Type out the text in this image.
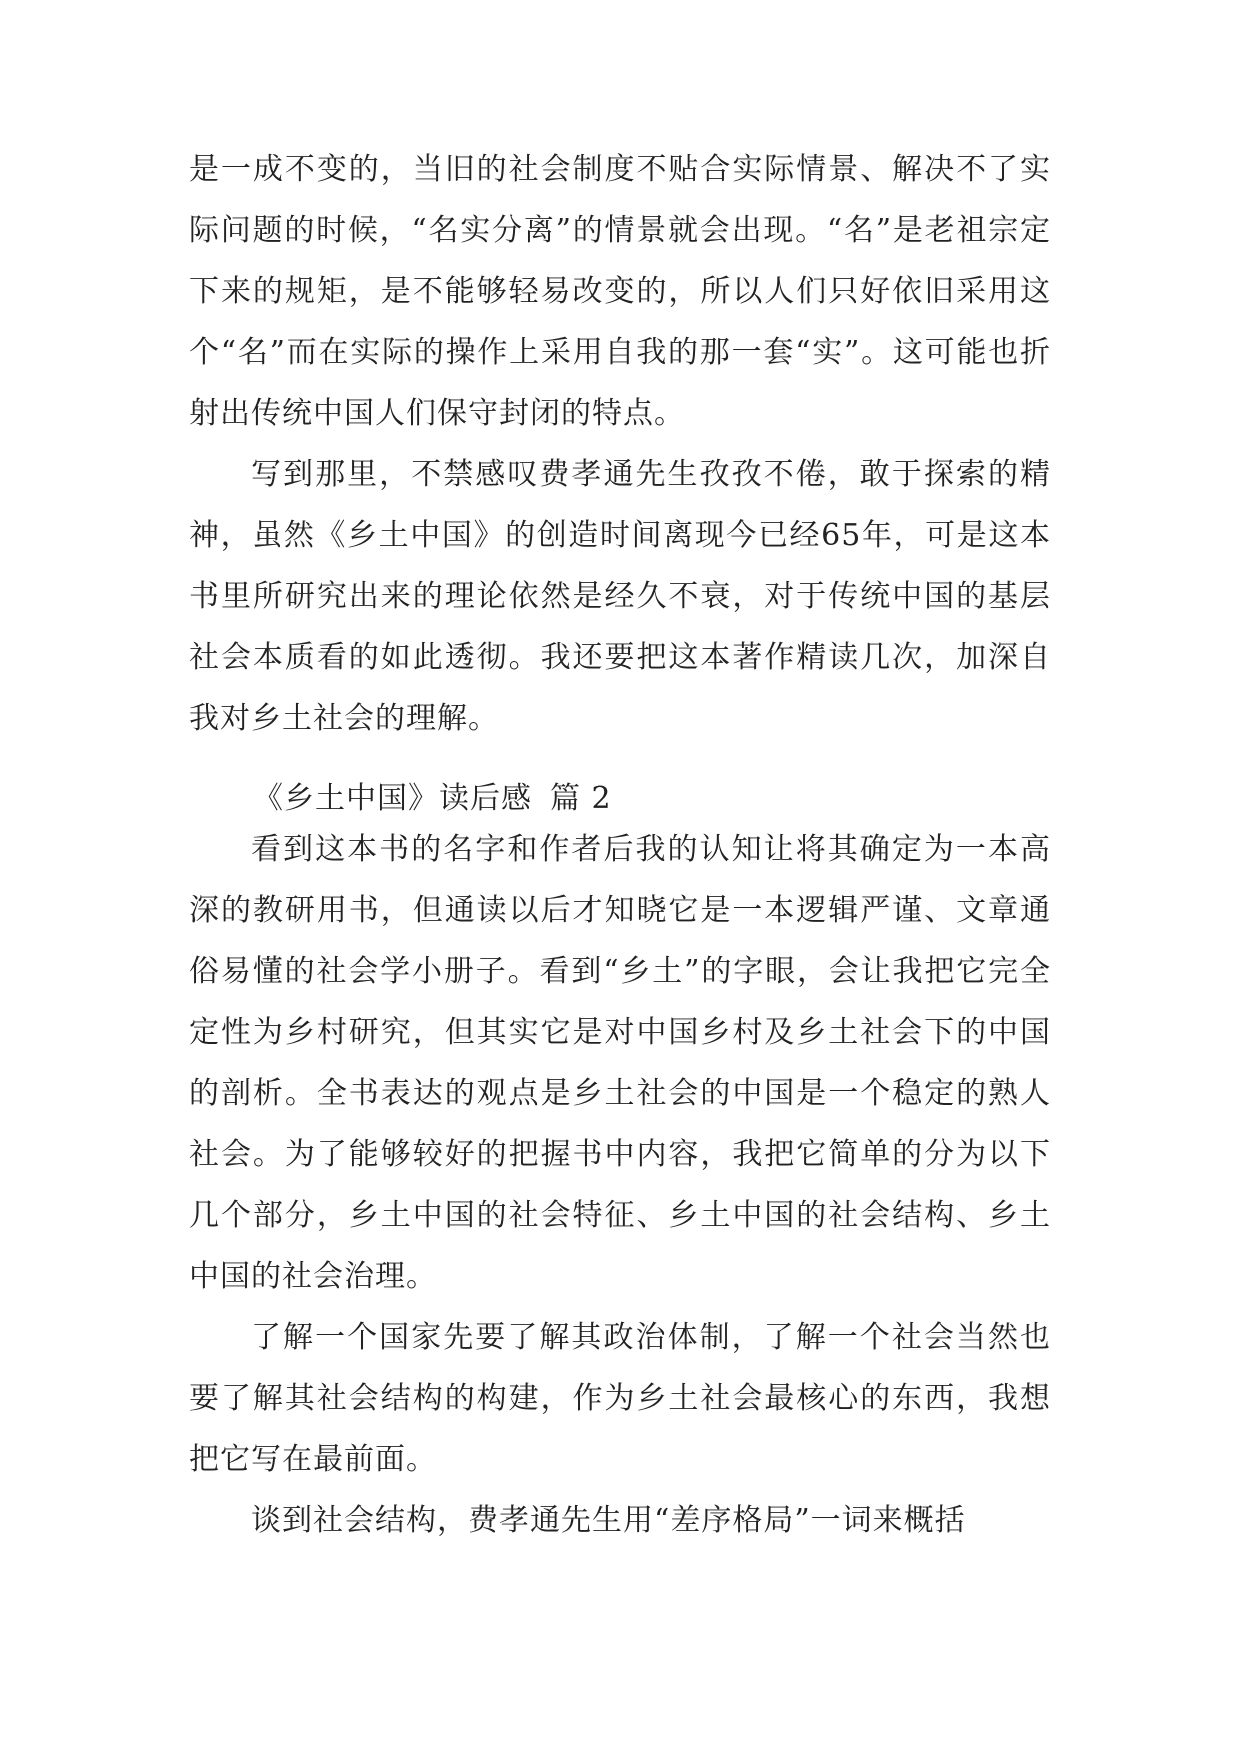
是一成不变的，当旧的社会制度不贴合实际情景、解决不了实际问题的时候，“名实分离”的情景就会出现。“名”是老祖宗定下来的规矩，是不能够轻易改变的，所以人们只好依旧采用这个“名”而在实际的操作上采用自我的那一套“实”。这可能也折射出传统中国人们保守封闭的特点。

写到那里，不禁感叹费孝通先生孜孜不倦，敢于探索的精神，虽然《乡土中国》的创造时间离现今已经65年，可是这本书里所研究出来的理论依然是经久不衰，对于传统中国的基层社会本质看的如此透彻。我还要把这本著作精读几次，加深自我对乡土社会的理解。

《乡土中国》读后感 篇 2

看到这本书的名字和作者后我的认知让将其确定为一本高深的教研用书，但通读以后才知晓它是一本逻辑严谨、文章通俗易懂的社会学小册子。看到“乡土”的字眼，会让我把它完全定性为乡村研究，但其实它是对中国乡村及乡土社会下的中国的剖析。全书表达的观点是乡土社会的中国是一个稳定的熟人社会。为了能够较好的把握书中内容，我把它简单的分为以下几个部分，乡土中国的社会特征、乡土中国的社会结构、乡土中国的社会治理。

了解一个国家先要了解其政治体制，了解一个社会当然也要了解其社会结构的构建，作为乡土社会最核心的东西，我想把它写在最前面。

谈到社会结构，费孝通先生用“差序格局”一词来概括
